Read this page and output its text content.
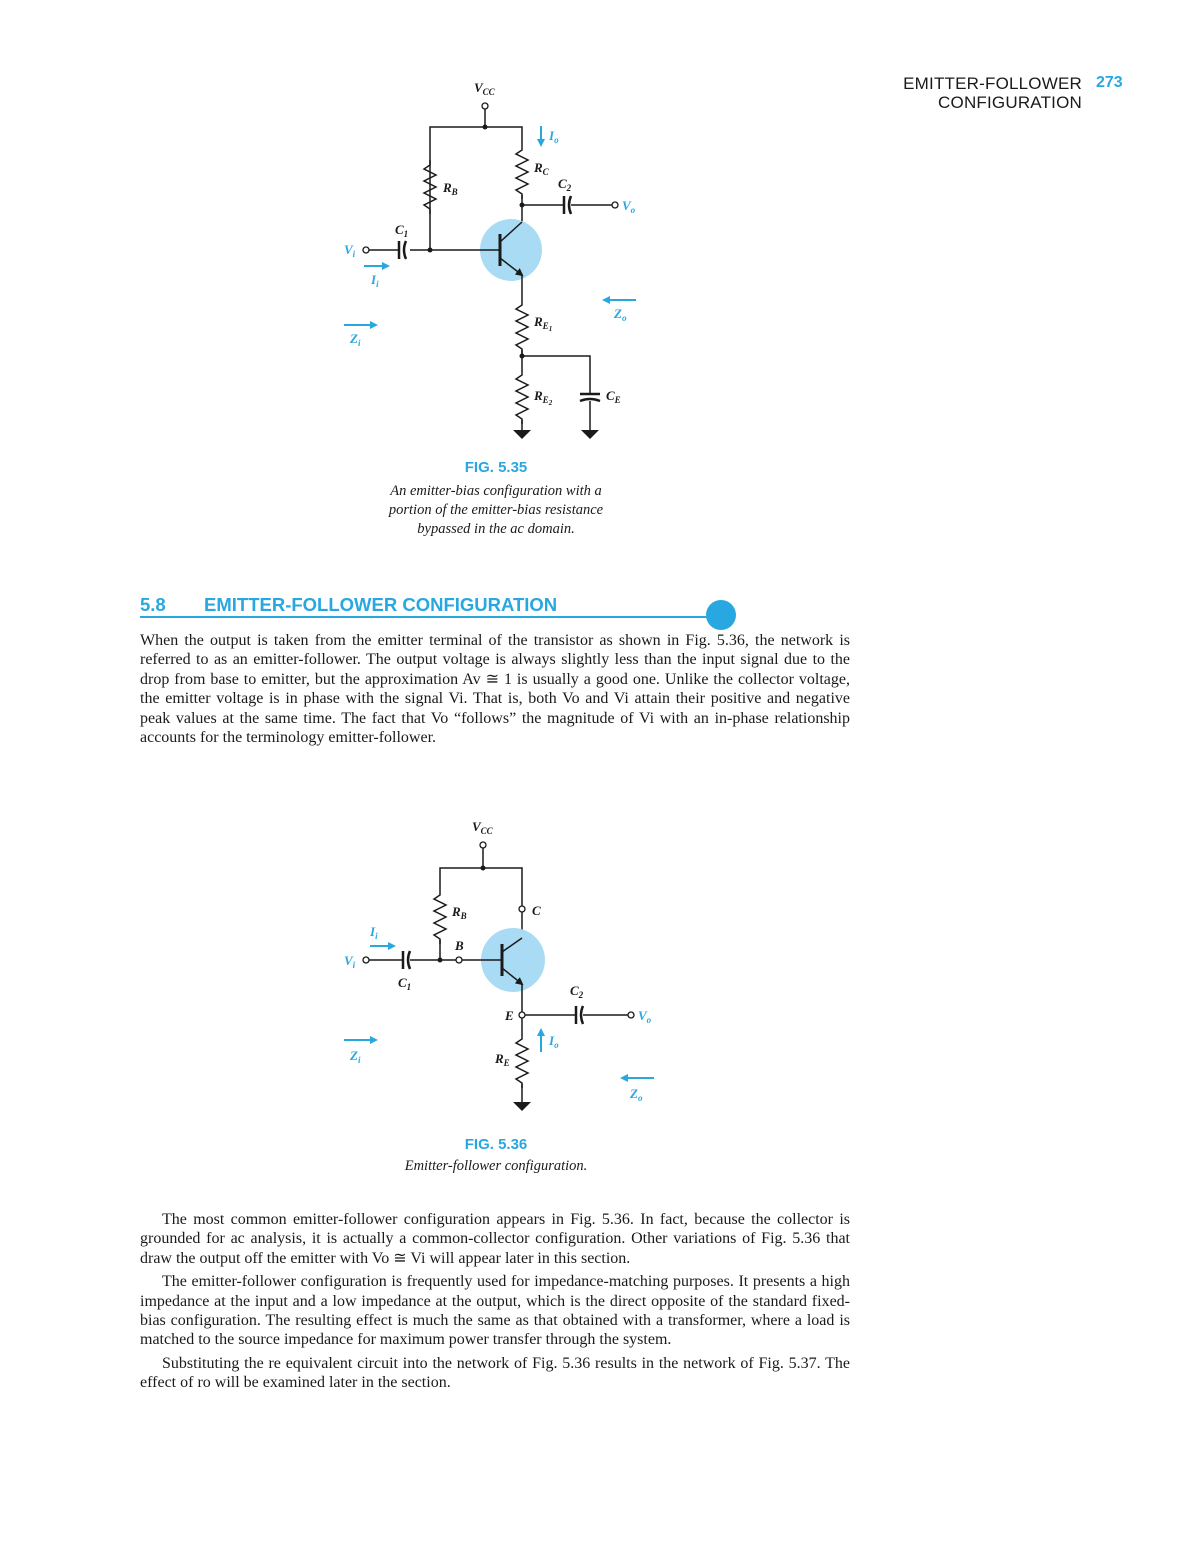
EMITTER-FOLLOWER
CONFIGURATION
273
$V_{CC}$
$R_B$
$R_C$
$I_o$
$C_2$
$V_o$
$C_1$
$V_i$
$I_i$
$R_E1$
$R_E2$	$C_E$
$Z_i$
$Z_o$
FIG. 5.35
An emitter-bias configuration with a
portion of the emitter-bias resistance
bypassed in the ac domain.
5.8 EMITTER-FOLLOWER CONFIGURATION

When the output is taken from the emitter terminal of the transistor as shown in Fig. 5.36, the network is referred to as an emitter-follower. The output voltage is always slightly less than the input signal due to the drop from base to emitter, but the approximation Av ≅ 1 is usually a good one. Unlike the collector voltage, the emitter voltage is in phase with the signal Vi. That is, both Vo and Vi attain their positive and negative peak values at the same time. The fact that Vo “follows” the magnitude of Vi with an in-phase relationship accounts for the terminology emitter-follower.

$V_{CC}$
C
$R_B$
B
$V_i$
$C_1$
$I_i$
E
$C_2$
$V_o$
$I_o$
$R_E$
$Z_i$
$Z_o$
FIG. 5.36
Emitter-follower configuration.

The most common emitter-follower configuration appears in Fig. 5.36. In fact, because the collector is grounded for ac analysis, it is actually a common-collector configuration. Other variations of Fig. 5.36 that draw the output off the emitter with Vo ≅ Vi will appear later in this section.

The emitter-follower configuration is frequently used for impedance-matching purposes. It presents a high impedance at the input and a low impedance at the output, which is the direct opposite of the standard fixed-bias configuration. The resulting effect is much the same as that obtained with a transformer, where a load is matched to the source impedance for maximum power transfer through the system.

Substituting the re equivalent circuit into the network of Fig. 5.36 results in the network of Fig. 5.37. The effect of ro will be examined later in the section.
